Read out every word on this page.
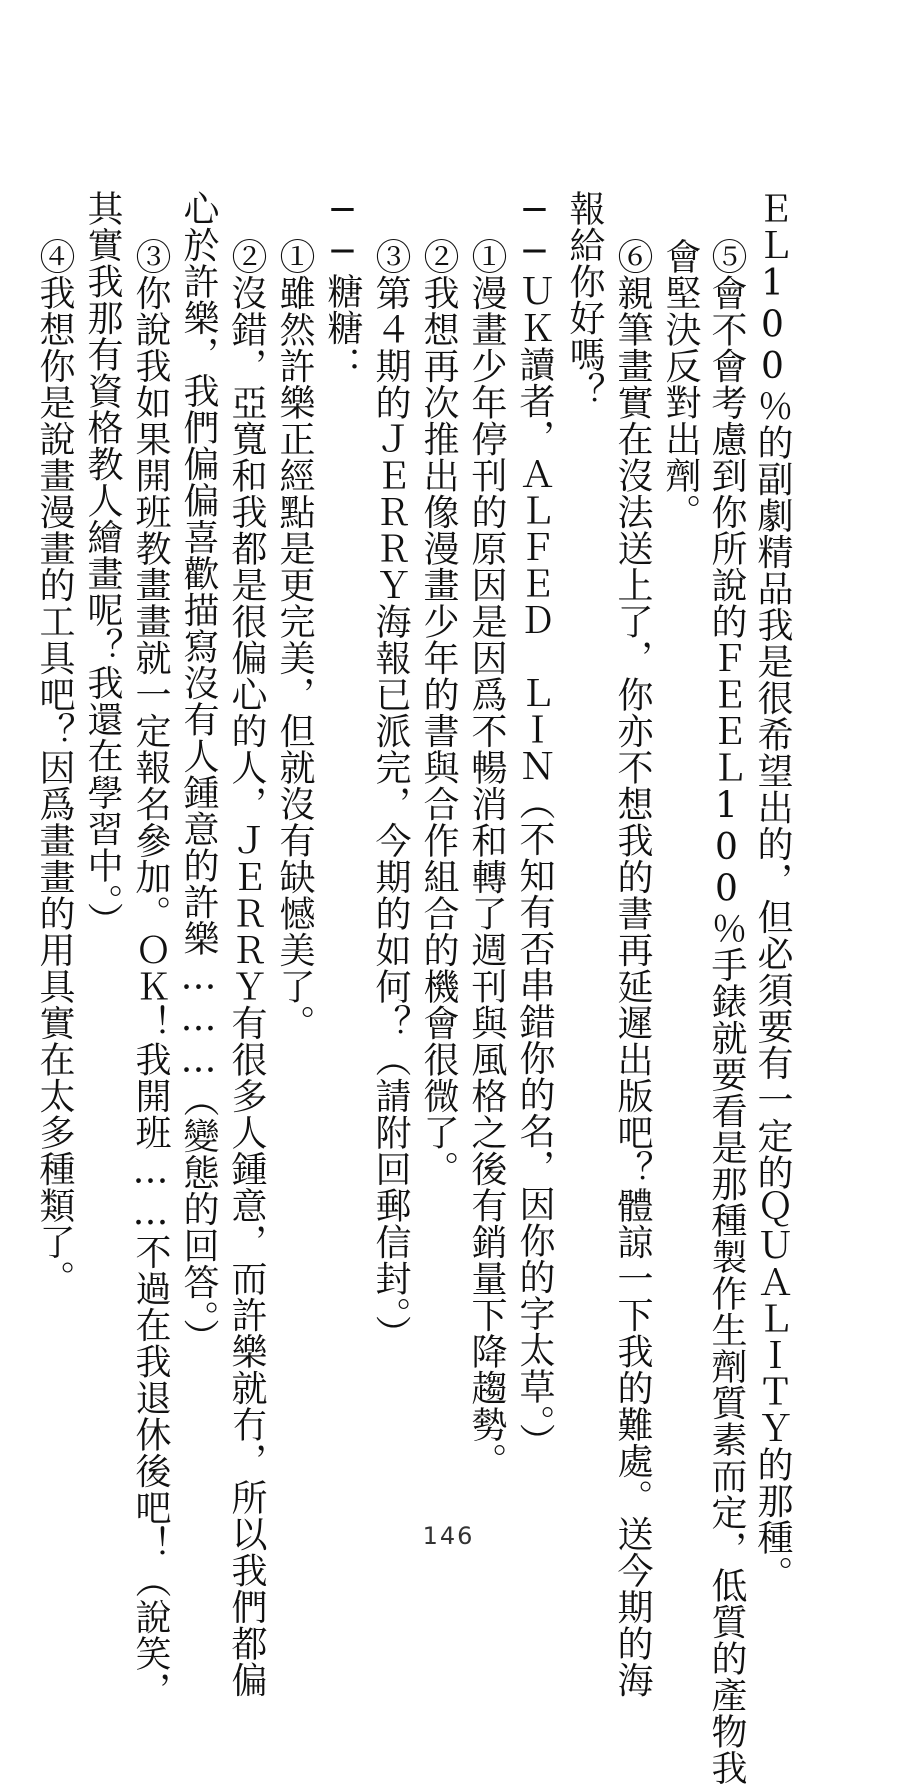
ＥＬ100％的副劇精品我是很希望出的，但必須要有一定的ＱＵＡＬＩＴＹ的那種。

⑤會不會考慮到你所說的ＦＥＥＬ100％手錶就要看是那種製作生劑質素而定，低質的產物我

會堅決反對出劑。

⑥親筆畫實在沒法送上了，你亦不想我的書再延遲出版吧？體諒一下我的難處。送今期的海

報給你好嗎？

──ＵＫ讀者，ＡＬＦＥＤ　ＬＩＮ（不知有否串錯你的名，因你的字太草。）

①漫畫少年停刊的原因是因爲不暢消和轉了週刊與風格之後有銷量下降趨勢。

②我想再次推出像漫畫少年的書與合作組合的機會很微了。

③第４期的ＪＥＲＲＹ海報已派完，今期的如何？（請附回郵信封。）

──糖糖：

①雖然許樂正經點是更完美，但就沒有缺憾美了。

②沒錯，亞寬和我都是很偏心的人，ＪＥＲＲＹ有很多人鍾意，而許樂就冇，所以我們都偏

心於許樂，我們偏偏喜歡描寫沒有人鍾意的許樂………（變態的回答。）

③你說我如果開班教畫畫就一定報名參加。ＯＫ！我開班……不過在我退休後吧！（說笑，

其實我那有資格教人繪畫呢？我還在學習中。）

④我想你是說畫漫畫的工具吧？因爲畫畫的用具實在太多種類了。

146
